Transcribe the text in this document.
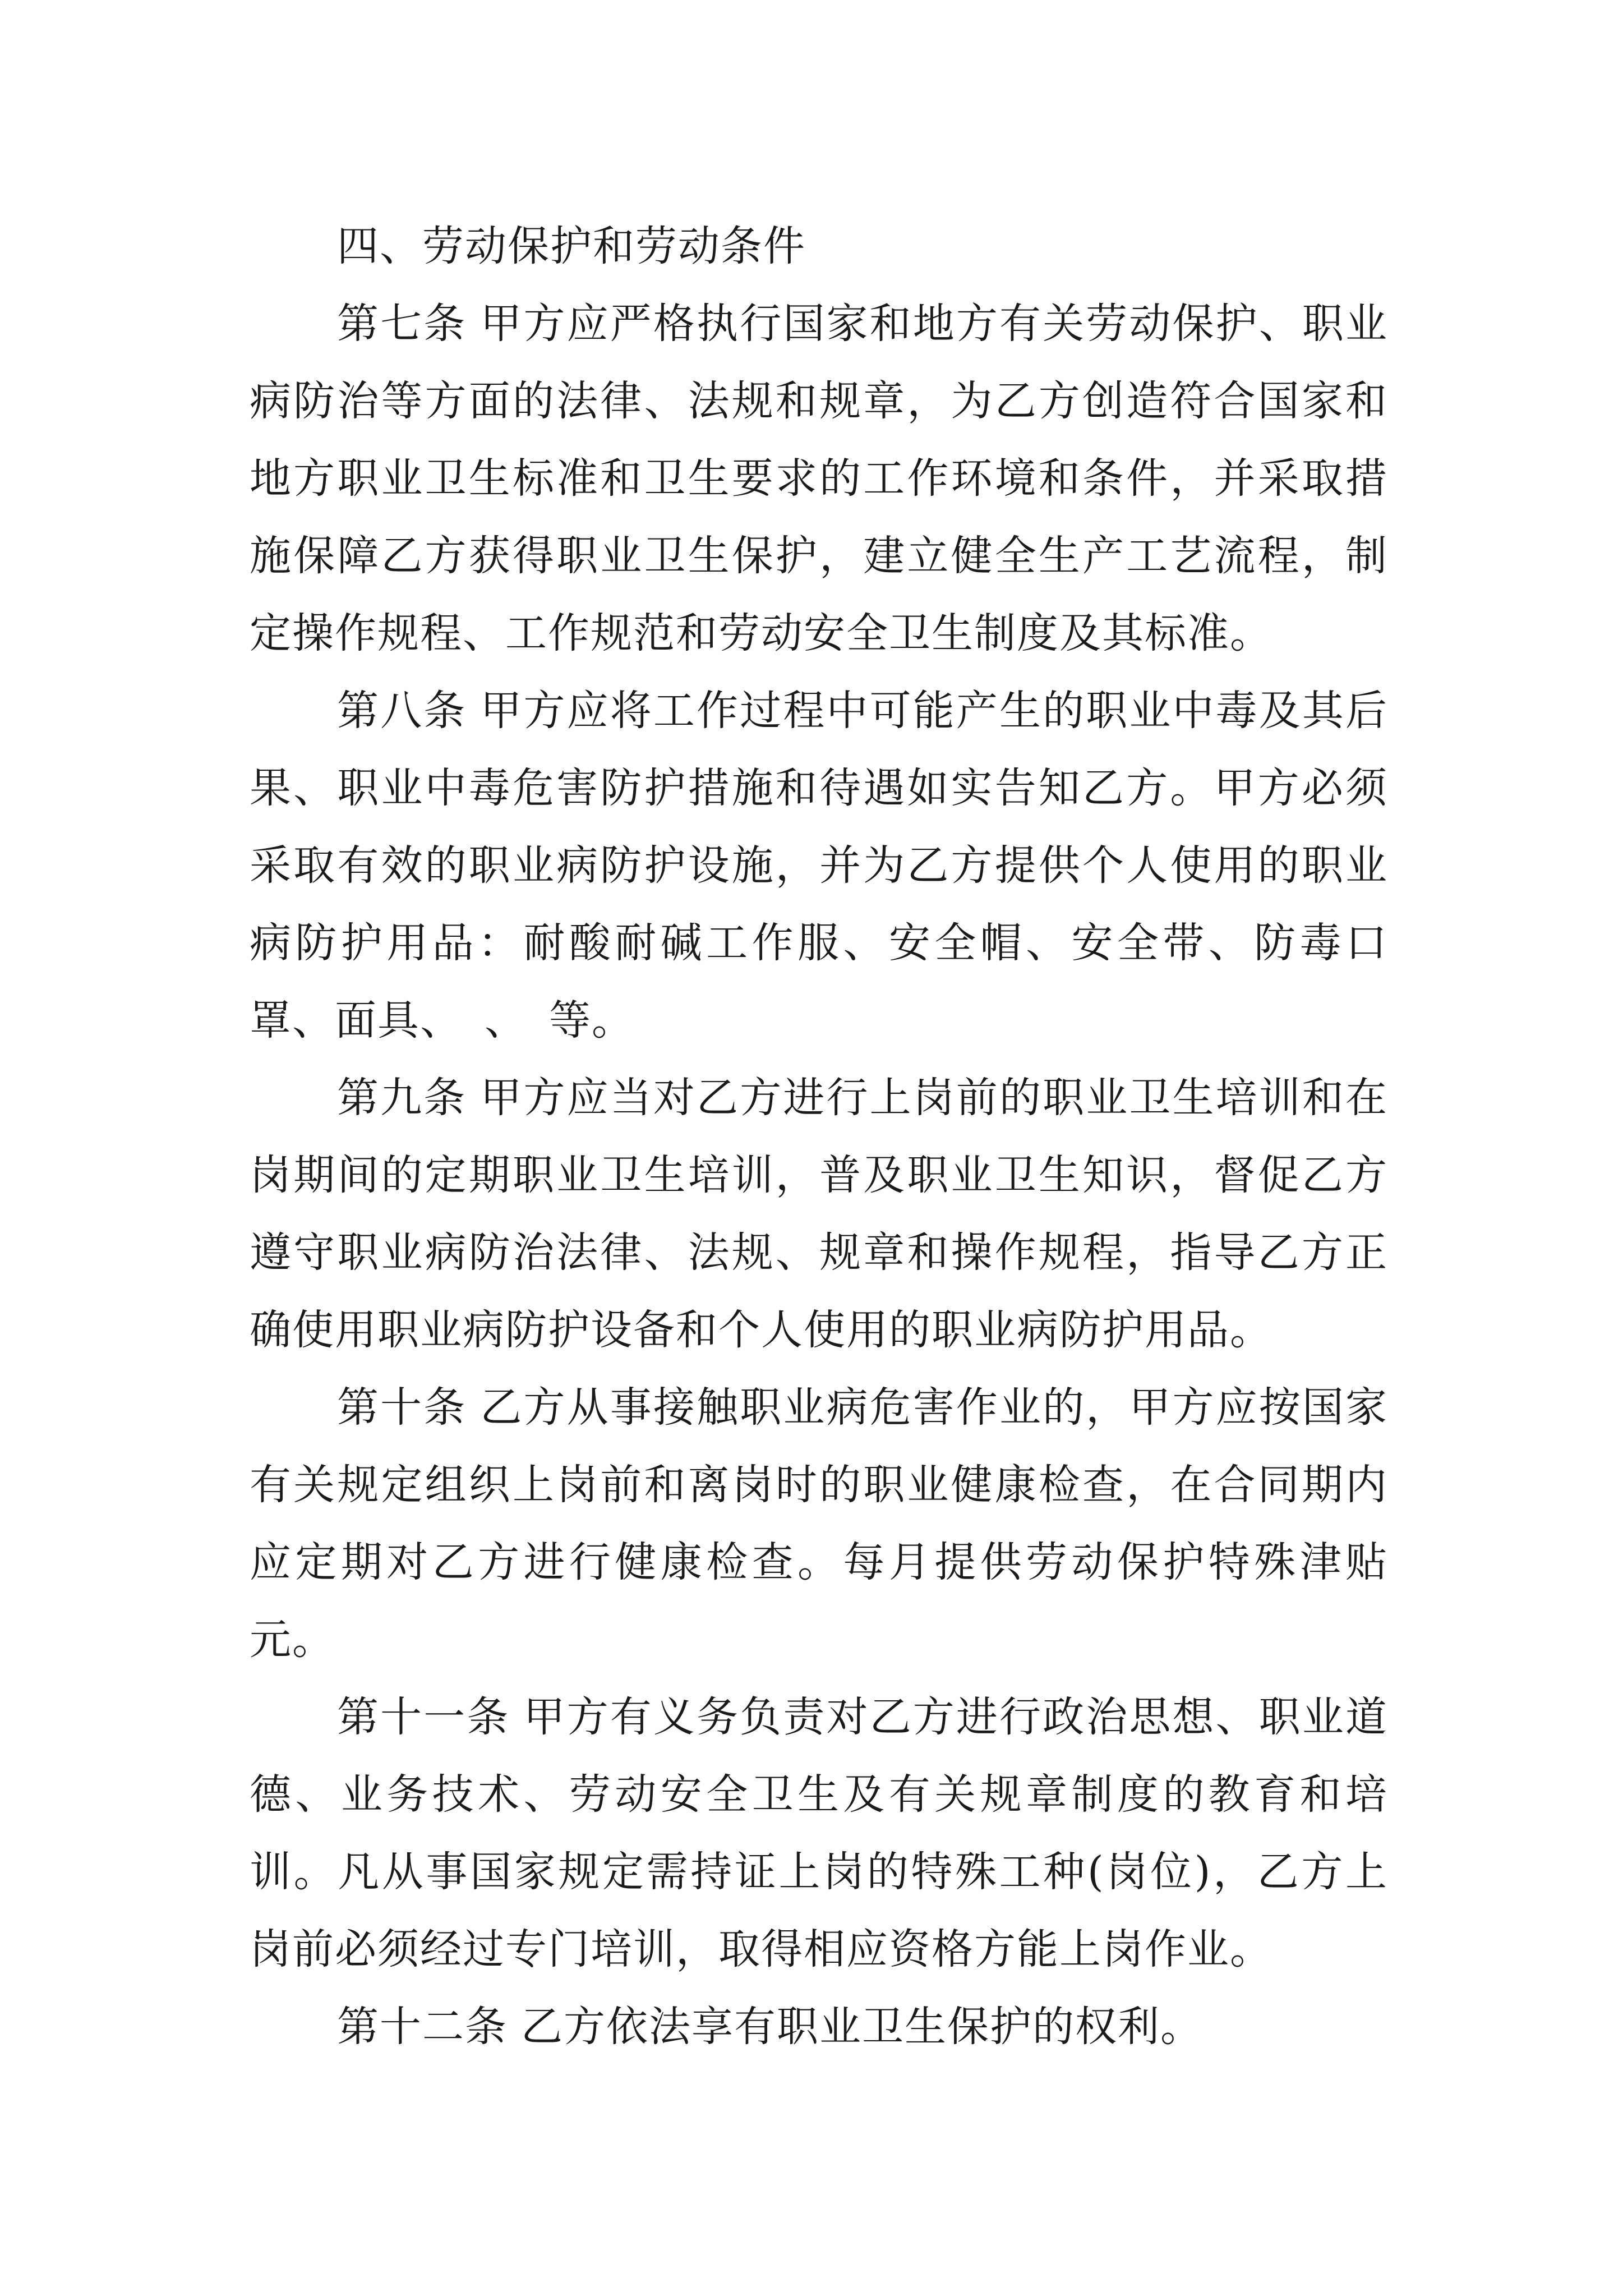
四、劳动保护和劳动条件

第七条 甲方应严格执行国家和地方有关劳动保护、职业病防治等方面的法律、法规和规章，为乙方创造符合国家和地方职业卫生标准和卫生要求的工作环境和条件，并采取措施保障乙方获得职业卫生保护，建立健全生产工艺流程，制定操作规程、工作规范和劳动安全卫生制度及其标准。

第八条 甲方应将工作过程中可能产生的职业中毒及其后果、职业中毒危害防护措施和待遇如实告知乙方。甲方必须采取有效的职业病防护设施，并为乙方提供个人使用的职业病防护用品：耐酸耐碱工作服、安全帽、安全带、防毒口罩、面具、　、　等。

第九条 甲方应当对乙方进行上岗前的职业卫生培训和在岗期间的定期职业卫生培训，普及职业卫生知识，督促乙方遵守职业病防治法律、法规、规章和操作规程，指导乙方正确使用职业病防护设备和个人使用的职业病防护用品。

第十条 乙方从事接触职业病危害作业的，甲方应按国家有关规定组织上岗前和离岗时的职业健康检查，在合同期内应定期对乙方进行健康检查。每月提供劳动保护特殊津贴　　元。

第十一条 甲方有义务负责对乙方进行政治思想、职业道德、业务技术、劳动安全卫生及有关规章制度的教育和培训。凡从事国家规定需持证上岗的特殊工种(岗位)，乙方上岗前必须经过专门培训，取得相应资格方能上岗作业。

第十二条 乙方依法享有职业卫生保护的权利。
